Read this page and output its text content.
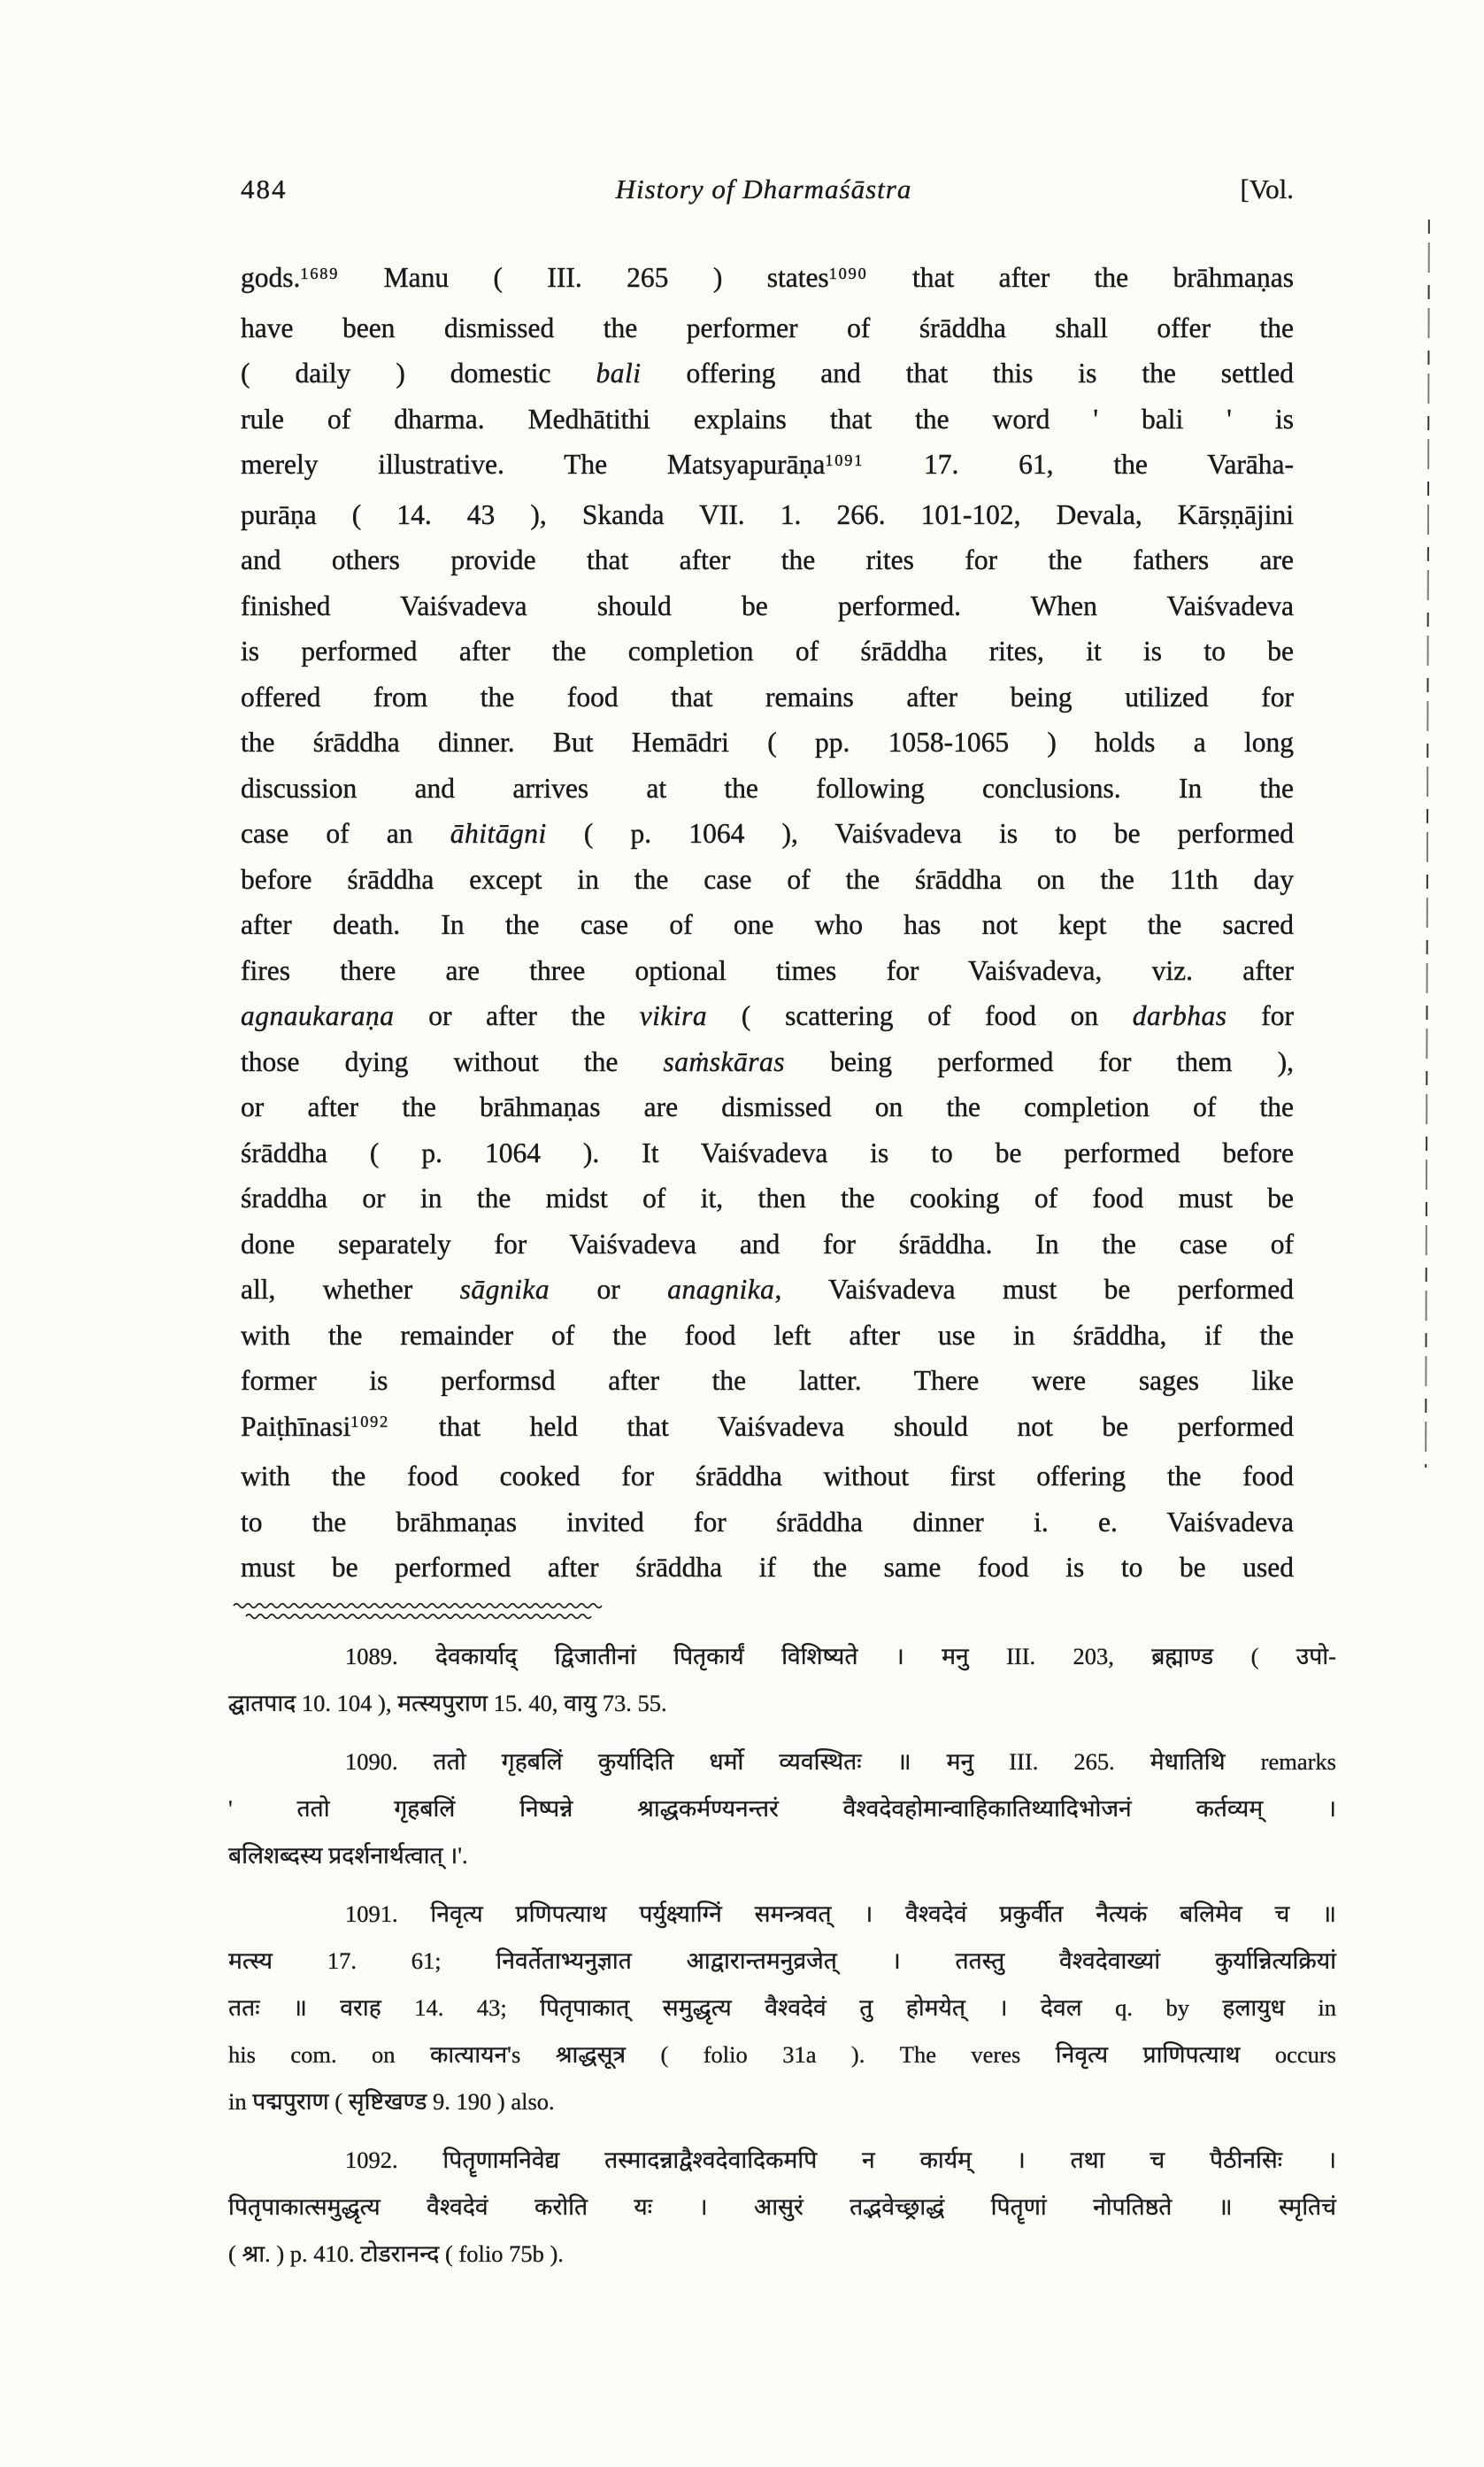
484	History of Dharmaśāstra	[Vol.
gods.$^{1689}$ Manu ( III. 265 ) states$^{1090}$ that after the brāhmaṇas
have been dismissed the performer of śrāddha shall offer the
( daily ) domestic bali offering and that this is the settled
rule of dharma. Medhātithi explains that the word ' bali ' is
merely illustrative. The Matsyapurāṇa$^{1091}$ 17. 61, the Varāha-
purāṇa ( 14. 43 ), Skanda VII. 1. 266. 101-102, Devala, Kārṣṇājini
and others provide that after the rites for the fathers are
finished Vaiśvadeva should be performed. When Vaiśvadeva
is performed after the completion of śrāddha rites, it is to be
offered from the food that remains after being utilized for
the śrāddha dinner. But Hemādri ( pp. 1058-1065 ) holds a long
discussion and arrives at the following conclusions. In the
case of an āhitāgni ( p. 1064 ), Vaiśvadeva is to be performed
before śrāddha except in the case of the śrāddha on the 11th day
after death. In the case of one who has not kept the sacred
fires there are three optional times for Vaiśvadeva, viz. after
agnaukaraṇa or after the vikira ( scattering of food on darbhas for
those dying without the saṁskāras being performed for them ),
or after the brāhmaṇas are dismissed on the completion of the
śrāddha ( p. 1064 ). It Vaiśvadeva is to be performed before
śraddha or in the midst of it, then the cooking of food must be
done separately for Vaiśvadeva and for śrāddha. In the case of
all, whether sāgnika or anagnika, Vaiśvadeva must be performed
with the remainder of the food left after use in śrāddha, if the
former is performsd after the latter. There were sages like
Paiṭhīnasi$^{1092}$ that held that Vaiśvadeva should not be performed
with the food cooked for śrāddha without first offering the food
to the brāhmaṇas invited for śrāddha dinner i. e. Vaiśvadeva
must be performed after śrāddha if the same food is to be used
1089. देवकार्याद् द्विजातीनां पितृकार्यं विशिष्यते । मनु III. 203, ब्रह्माण्ड ( उपो-
द्घातपाद 10. 104 ), मत्स्यपुराण 15. 40, वायु 73. 55.
1090. ततो गृहबलिं कुर्यादिति धर्मो व्यवस्थितः ॥ मनु III. 265. मेधातिथि remarks
' ततो गृहबलिं निष्पन्ने श्राद्धकर्मण्यनन्तरं वैश्वदेवहोमान्वाहिकातिथ्यादिभोजनं कर्तव्यम् ।
बलिशब्दस्य प्रदर्शनार्थत्वात् ।'.
1091. निवृत्य प्रणिपत्याथ पर्युक्ष्याग्निं समन्त्रवत् । वैश्वदेवं प्रकुर्वीत नैत्यकं बलिमेव च ॥
मत्स्य 17. 61; निवर्तेताभ्यनुज्ञात आद्वारान्तमनुव्रजेत् । ततस्तु वैश्वदेवाख्यां कुर्यान्नित्यक्रियां
ततः ॥ वराह 14. 43; पितृपाकात् समुद्धृत्य वैश्वदेवं तु होमयेत् । देवल q. by हलायुध in
his com. on कात्यायन's श्राद्धसूत्र ( folio 31a ). The veres निवृत्य प्राणिपत्याथ occurs
in पद्मपुराण ( सृष्टिखण्ड 9. 190 ) also.
1092. पितॄणामनिवेद्य तस्मादन्नाद्वैश्वदेवादिकमपि न कार्यम् । तथा च पैठीनसिः ।
पितृपाकात्समुद्धृत्य वैश्वदेवं करोति यः । आसुरं तद्भवेच्छ्राद्धं पितॄणां नोपतिष्ठते ॥ स्मृतिचं
( श्रा. ) p. 410. टोडरानन्द ( folio 75b ).
